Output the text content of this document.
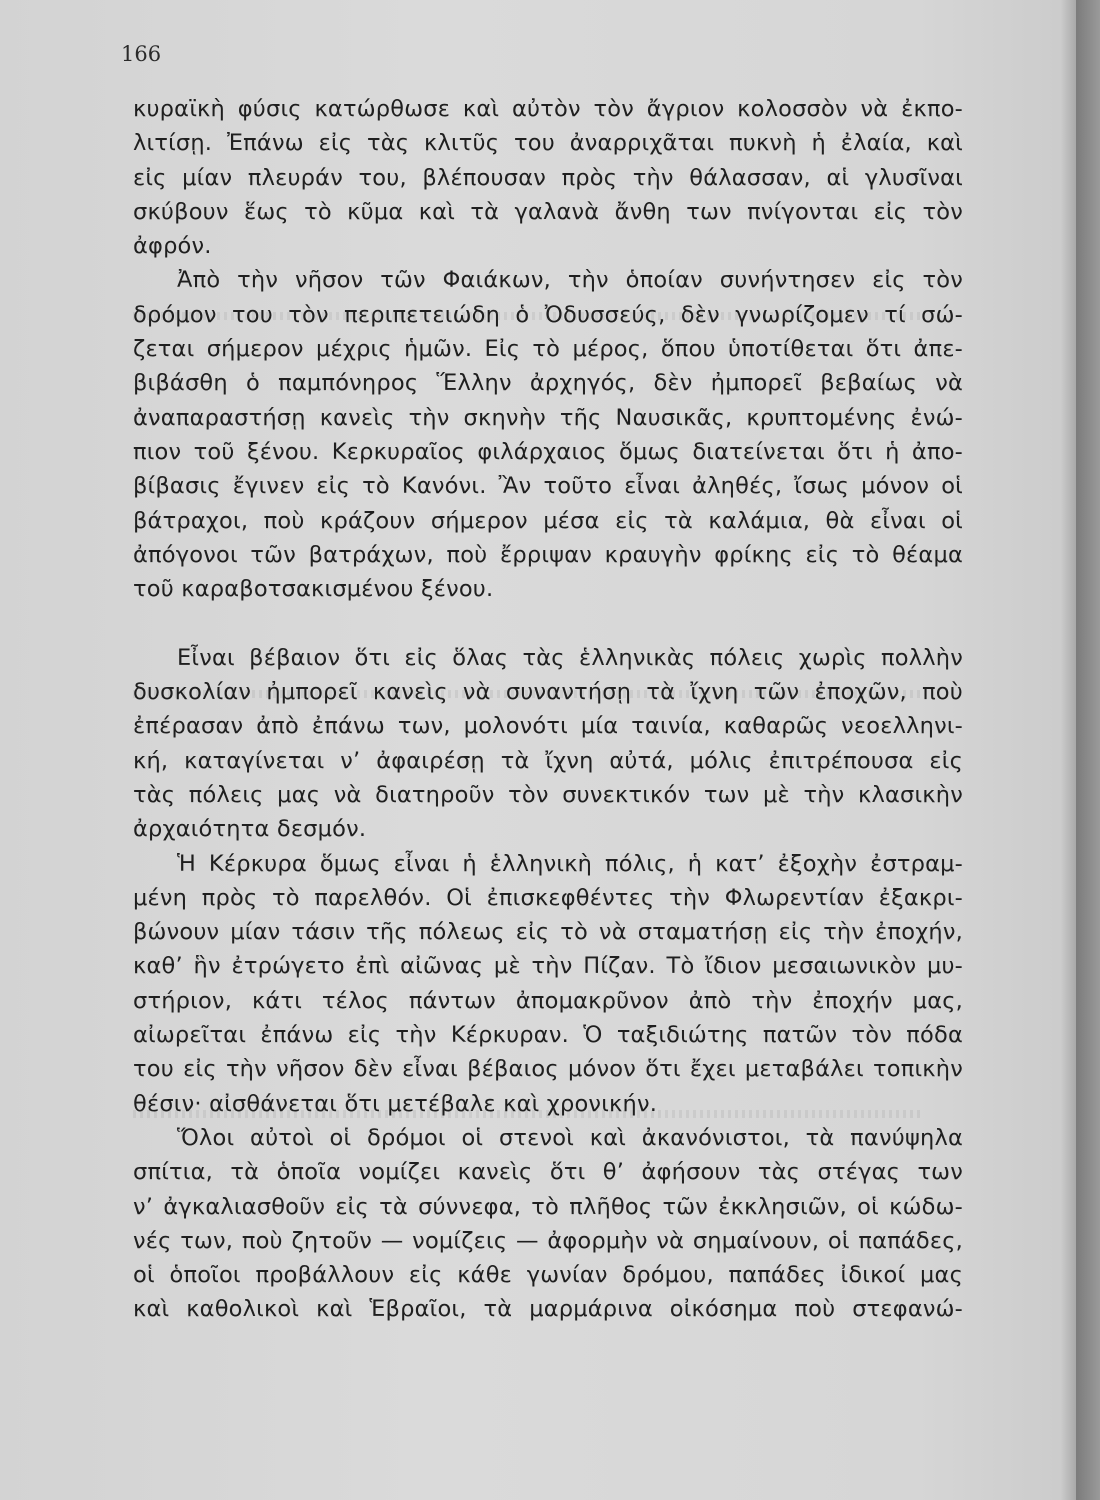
166
κυραϊκὴ φύσις κατώρθωσε καὶ αὐτὸν τὸν ἄγριον κολοσσὸν νὰ ἐκπο-
λιτίσῃ. Ἐπάνω εἰς τὰς κλιτῦς του ἀναρριχᾶται πυκνὴ ἡ ἐλαία, καὶ
εἰς μίαν πλευράν του, βλέπουσαν πρὸς τὴν θάλασσαν, αἱ γλυσῖναι
σκύβουν ἕως τὸ κῦμα καὶ τὰ γαλανὰ ἄνθη των πνίγονται εἰς τὸν
ἀφρόν.
Ἀπὸ τὴν νῆσον τῶν Φαιάκων, τὴν ὁποίαν συνήντησεν εἰς τὸν
δρόμον του τὸν περιπετειώδη ὁ Ὀδυσσεύς, δὲν γνωρίζομεν τί σώ-
ζεται σήμερον μέχρις ἡμῶν. Εἰς τὸ μέρος, ὅπου ὑποτίθεται ὅτι ἀπε-
βιβάσθη ὁ παμπόνηρος Ἕλλην ἀρχηγός, δὲν ἠμπορεῖ βεβαίως νὰ
ἀναπαραστήσῃ κανεὶς τὴν σκηνὴν τῆς Ναυσικᾶς, κρυπτομένης ἐνώ-
πιον τοῦ ξένου. Κερκυραῖος φιλάρχαιος ὅμως διατείνεται ὅτι ἡ ἀπο-
βίβασις ἔγινεν εἰς τὸ Κανόνι. Ἂν τοῦτο εἶναι ἀληθές, ἴσως μόνον οἱ
βάτραχοι, ποὺ κράζουν σήμερον μέσα εἰς τὰ καλάμια, θὰ εἶναι οἱ
ἀπόγονοι τῶν βατράχων, ποὺ ἔρριψαν κραυγὴν φρίκης εἰς τὸ θέαμα
τοῦ καραβοτσακισμένου ξένου.
Εἶναι βέβαιον ὅτι εἰς ὅλας τὰς ἑλληνικὰς πόλεις χωρὶς πολλὴν
δυσκολίαν ἠμπορεῖ κανεὶς νὰ συναντήσῃ τὰ ἴχνη τῶν ἐποχῶν, ποὺ
ἐπέρασαν ἀπὸ ἐπάνω των, μολονότι μία ταινία, καθαρῶς νεοελληνι-
κή, καταγίνεται ν’ ἀφαιρέσῃ τὰ ἴχνη αὐτά, μόλις ἐπιτρέπουσα εἰς
τὰς πόλεις μας νὰ διατηροῦν τὸν συνεκτικόν των μὲ τὴν κλασικὴν
ἀρχαιότητα δεσμόν.
Ἡ Κέρκυρα ὅμως εἶναι ἡ ἑλληνικὴ πόλις, ἡ κατ’ ἐξοχὴν ἐστραμ-
μένη πρὸς τὸ παρελθόν. Οἱ ἐπισκεφθέντες τὴν Φλωρεντίαν ἐξακρι-
βώνουν μίαν τάσιν τῆς πόλεως εἰς τὸ νὰ σταματήσῃ εἰς τὴν ἐποχήν,
καθ’ ἣν ἐτρώγετο ἐπὶ αἰῶνας μὲ τὴν Πίζαν. Τὸ ἴδιον μεσαιωνικὸν μυ-
στήριον, κάτι τέλος πάντων ἀπομακρῦνον ἀπὸ τὴν ἐποχήν μας,
αἰωρεῖται ἐπάνω εἰς τὴν Κέρκυραν. Ὁ ταξιδιώτης πατῶν τὸν πόδα
του εἰς τὴν νῆσον δὲν εἶναι βέβαιος μόνον ὅτι ἔχει μεταβάλει τοπικὴν
θέσιν· αἰσθάνεται ὅτι μετέβαλε καὶ χρονικήν.
Ὅλοι αὐτοὶ οἱ δρόμοι οἱ στενοὶ καὶ ἀκανόνιστοι, τὰ πανύψηλα
σπίτια, τὰ ὁποῖα νομίζει κανεὶς ὅτι θ’ ἀφήσουν τὰς στέγας των
ν’ ἀγκαλιασθοῦν εἰς τὰ σύννεφα, τὸ πλῆθος τῶν ἐκκλησιῶν, οἱ κώδω-
νές των, ποὺ ζητοῦν — νομίζεις — ἀφορμὴν νὰ σημαίνουν, οἱ παπάδες,
οἱ ὁποῖοι προβάλλουν εἰς κάθε γωνίαν δρόμου, παπάδες ἰδικοί μας
καὶ καθολικοὶ καὶ Ἑβραῖοι, τὰ μαρμάρινα οἰκόσημα ποὺ στεφανώ-
